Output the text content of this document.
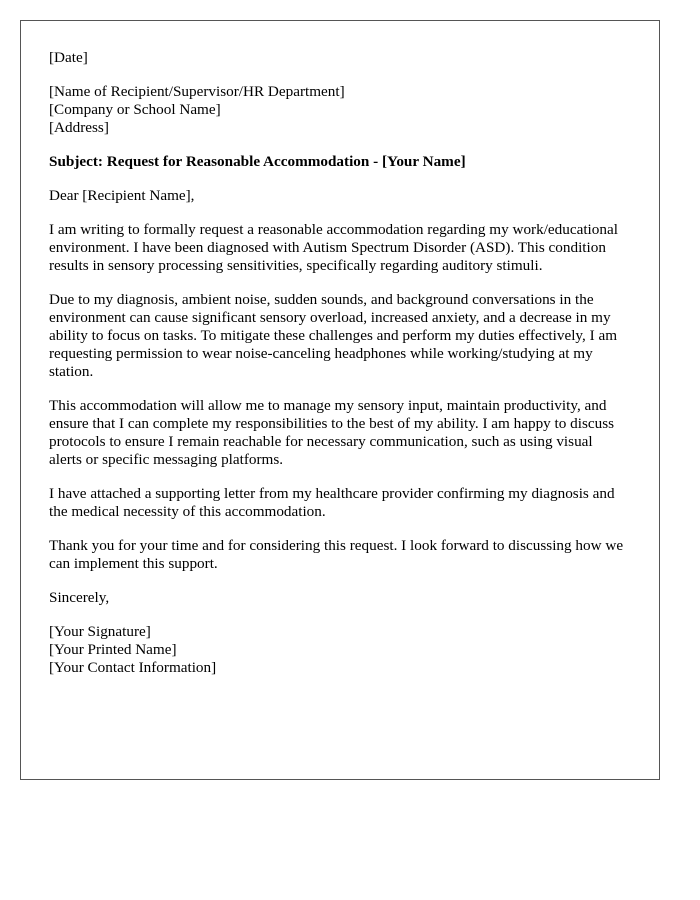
[Date]
[Name of Recipient/Supervisor/HR Department]
[Company or School Name]
[Address]
Subject: Request for Reasonable Accommodation - [Your Name]
Dear [Recipient Name],

I am writing to formally request a reasonable accommodation regarding my work/educational environment. I have been diagnosed with Autism Spectrum Disorder (ASD). This condition results in sensory processing sensitivities, specifically regarding auditory stimuli.

Due to my diagnosis, ambient noise, sudden sounds, and background conversations in the environment can cause significant sensory overload, increased anxiety, and a decrease in my ability to focus on tasks. To mitigate these challenges and perform my duties effectively, I am requesting permission to wear noise-canceling headphones while working/studying at my station.

This accommodation will allow me to manage my sensory input, maintain productivity, and ensure that I can complete my responsibilities to the best of my ability. I am happy to discuss protocols to ensure I remain reachable for necessary communication, such as using visual alerts or specific messaging platforms.

I have attached a supporting letter from my healthcare provider confirming my diagnosis and the medical necessity of this accommodation.

Thank you for your time and for considering this request. I look forward to discussing how we can implement this support.

Sincerely,
[Your Signature]
[Your Printed Name]
[Your Contact Information]
